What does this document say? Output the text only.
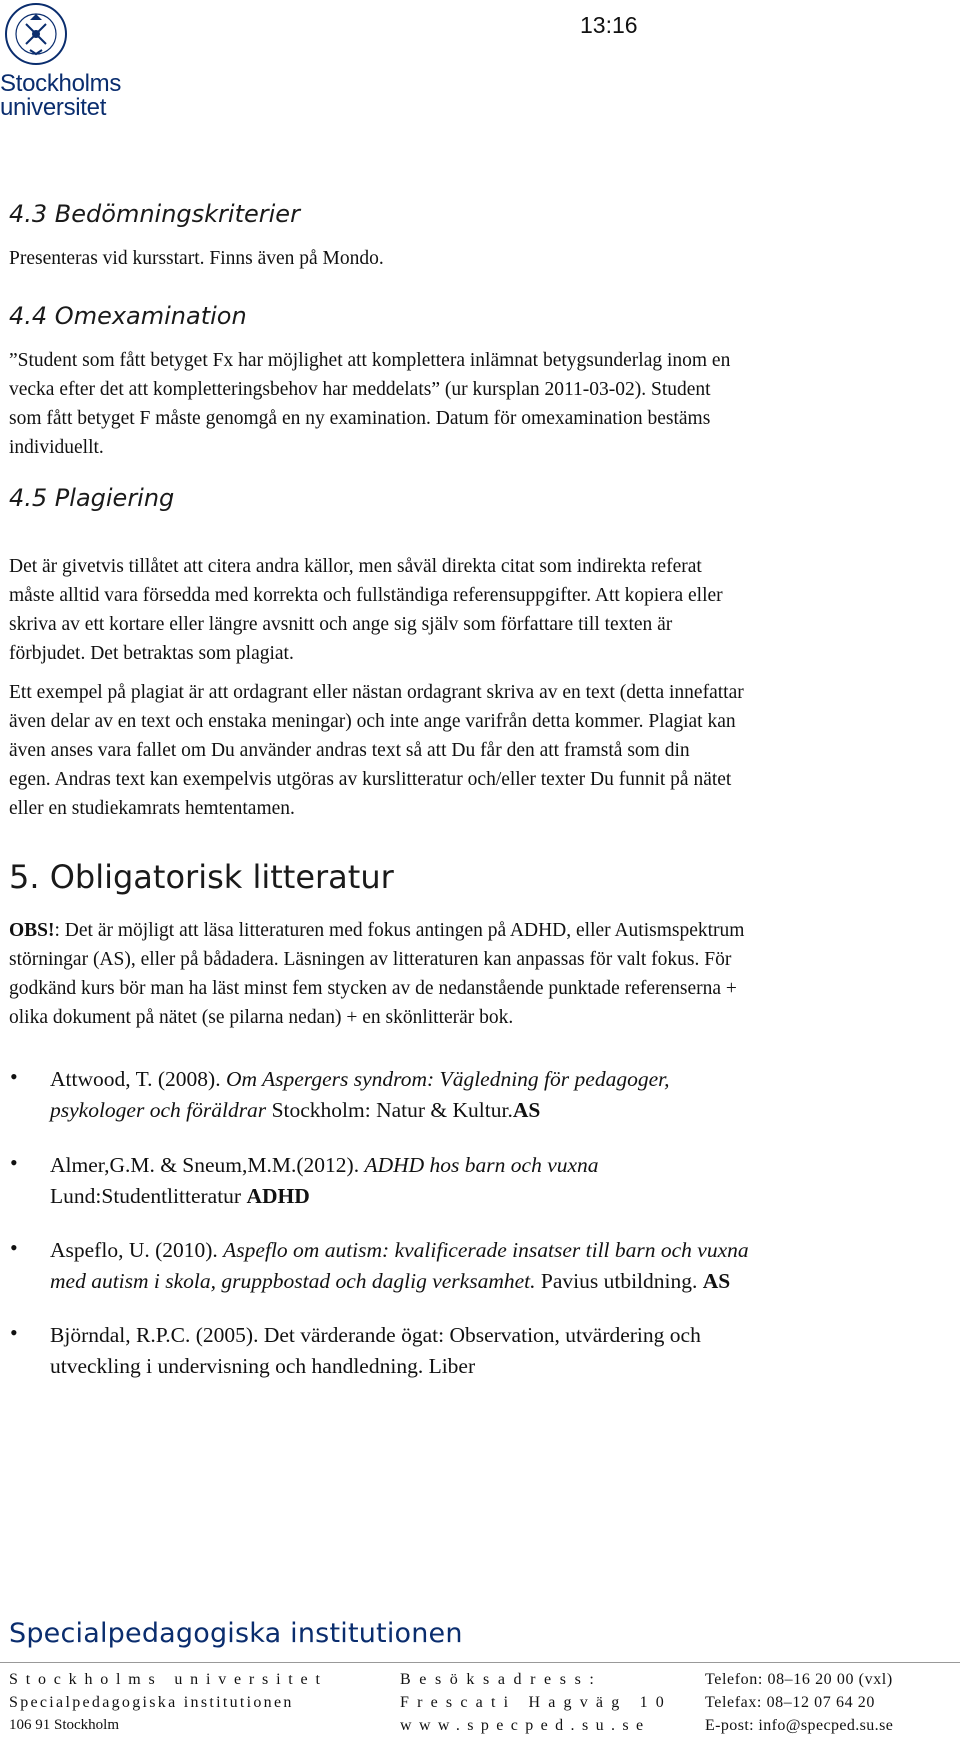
Stockholms
universitet
13:16
4.3 Bedömningskriterier
Presenteras vid kursstart. Finns även på Mondo.
4.4 Omexamination
”Student som fått betyget Fx har möjlighet att komplettera inlämnat betygsunderlag inom en
vecka efter det att kompletteringsbehov har meddelats” (ur kursplan 2011-03-02). Student
som fått betyget F måste genomgå en ny examination. Datum för omexamination bestäms
individuellt.
4.5 Plagiering
Det är givetvis tillåtet att citera andra källor, men såväl direkta citat som indirekta referat
måste alltid vara försedda med korrekta och fullständiga referensuppgifter. Att kopiera eller
skriva av ett kortare eller längre avsnitt och ange sig själv som författare till texten är
förbjudet. Det betraktas som plagiat.
Ett exempel på plagiat är att ordagrant eller nästan ordagrant skriva av en text (detta innefattar
även delar av en text och enstaka meningar) och inte ange varifrån detta kommer. Plagiat kan
även anses vara fallet om Du använder andras text så att Du får den att framstå som din
egen. Andras text kan exempelvis utgöras av kurslitteratur och/eller texter Du funnit på nätet
eller en studiekamrats hemtentamen.
5. Obligatorisk litteratur
OBS!: Det är möjligt att läsa litteraturen med fokus antingen på ADHD, eller Autismspektrum
störningar (AS), eller på bådadera. Läsningen av litteraturen kan anpassas för valt fokus. För
godkänd kurs bör man ha läst minst fem stycken av de nedanstående punktade referenserna +
olika dokument på nätet (se pilarna nedan) + en skönlitterär bok.
• Attwood, T. (2008). Om Aspergers syndrom: Vägledning för pedagoger,
psykologer och föräldrar Stockholm: Natur & Kultur.AS
• Almer,G.M. & Sneum,M.M.(2012). ADHD hos barn och vuxna
Lund:Studentlitteratur ADHD
• Aspeflo, U. (2010). Aspeflo om autism: kvalificerade insatser till barn och vuxna
med autism i skola, gruppbostad och daglig verksamhet. Pavius utbildning. AS
• Björndal, R.P.C. (2005). Det värderande ögat: Observation, utvärdering och
utveckling i undervisning och handledning. Liber
Specialpedagogiska institutionen
Stockholms universitet
Specialpedagogiska institutionen
106 91 Stockholm
Besöksadress:
Frescati Hagväg 10
www.specped.su.se
Telefon: 08–16 20 00 (vxl)
Telefax: 08–12 07 64 20
E-post: info@specped.su.se
